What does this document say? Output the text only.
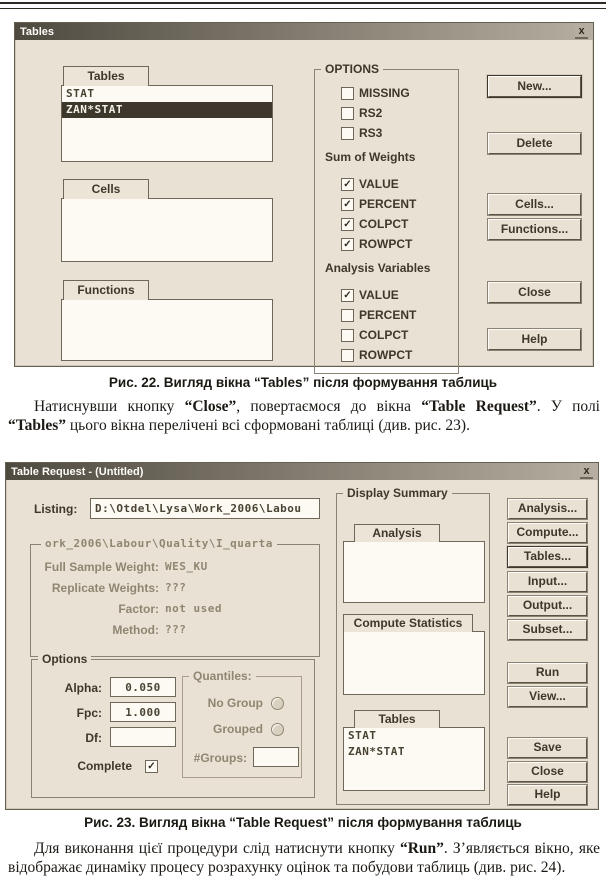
Tables	x
Tables
STAT
ZAN*STAT
Cells
Functions
OPTIONS
MISSING
RS2
RS3
Sum of Weights
✓ VALUE
✓ PERCENT
✓ COLPCT
✓ ROWPCT
Analysis Variables
✓ VALUE
PERCENT
COLPCT
ROWPCT
New...
Delete
Cells...
Functions...
Close
Help
Рис. 22. Вигляд вікна “Tables” після формування таблиць
Натиснувши кнопку “Close”, повертаємося до вікна “Table Request”. У полі “Tables” цього вікна перелічені всі сформовані таблиці (див. рис. 23).
Table Request - (Untitled)	x
Listing:	D:\Otdel\Lysa\Work_2006\Labou
ork_2006\Labour\Quality\I_quarta
Full Sample Weight: WES_KU
Replicate Weights: ???
Factor: not used
Method: ???
Options
Alpha:	0.050
Fpc:	1.000
Df:
Complete ✓
Quantiles:
No Group
Grouped
#Groups:
Display Summary
Analysis
Compute Statistics
Tables
STAT
ZAN*STAT
Analysis...
Compute...
Tables...
Input...
Output...
Subset...
Run
View...
Save
Close
Help
Рис. 23. Вигляд вікна “Table Request” після формування таблиць
Для виконання цієї процедури слід натиснути кнопку “Run”. З’являється вікно, яке відображає динаміку процесу розрахунку оцінок та побудови таблиць (див. рис. 24).
